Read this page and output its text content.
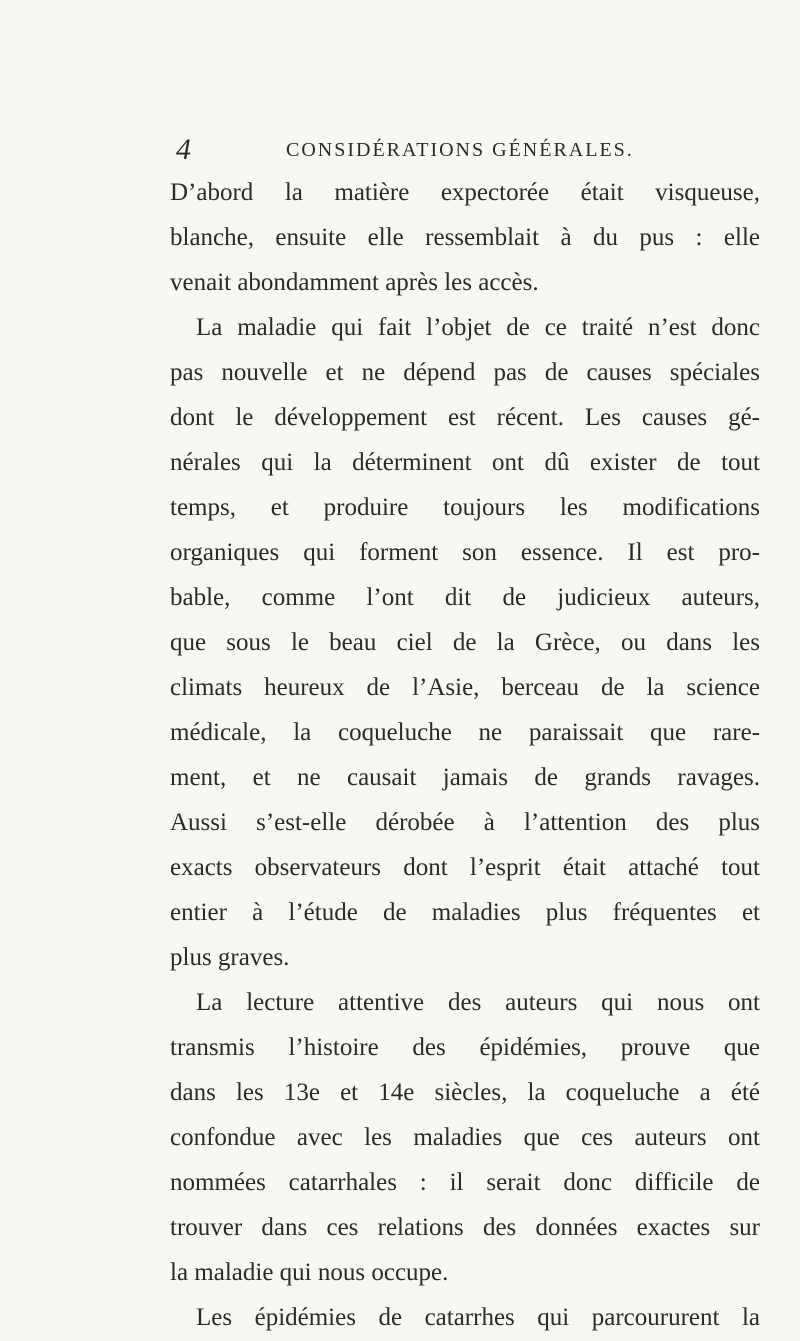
4	CONSIDÉRATIONS GÉNÉRALES.
D’abord la matière expectorée était visqueuse,
blanche, ensuite elle ressemblait à du pus : elle
venait abondamment après les accès.
La maladie qui fait l’objet de ce traité n’est donc
pas nouvelle et ne dépend pas de causes spéciales
dont le développement est récent. Les causes gé-
nérales qui la déterminent ont dû exister de tout
temps, et produire toujours les modifications
organiques qui forment son essence. Il est pro-
bable, comme l’ont dit de judicieux auteurs,
que sous le beau ciel de la Grèce, ou dans les
climats heureux de l’Asie, berceau de la science
médicale, la coqueluche ne paraissait que rare-
ment, et ne causait jamais de grands ravages.
Aussi s’est-elle dérobée à l’attention des plus
exacts observateurs dont l’esprit était attaché tout
entier à l’étude de maladies plus fréquentes et
plus graves.
La lecture attentive des auteurs qui nous ont
transmis l’histoire des épidémies, prouve que
dans les 13e et 14e siècles, la coqueluche a été
confondue avec les maladies que ces auteurs ont
nommées catarrhales : il serait donc difficile de
trouver dans ces relations des données exactes sur
la maladie qui nous occupe.
Les épidémies de catarrhes qui parcoururent la
